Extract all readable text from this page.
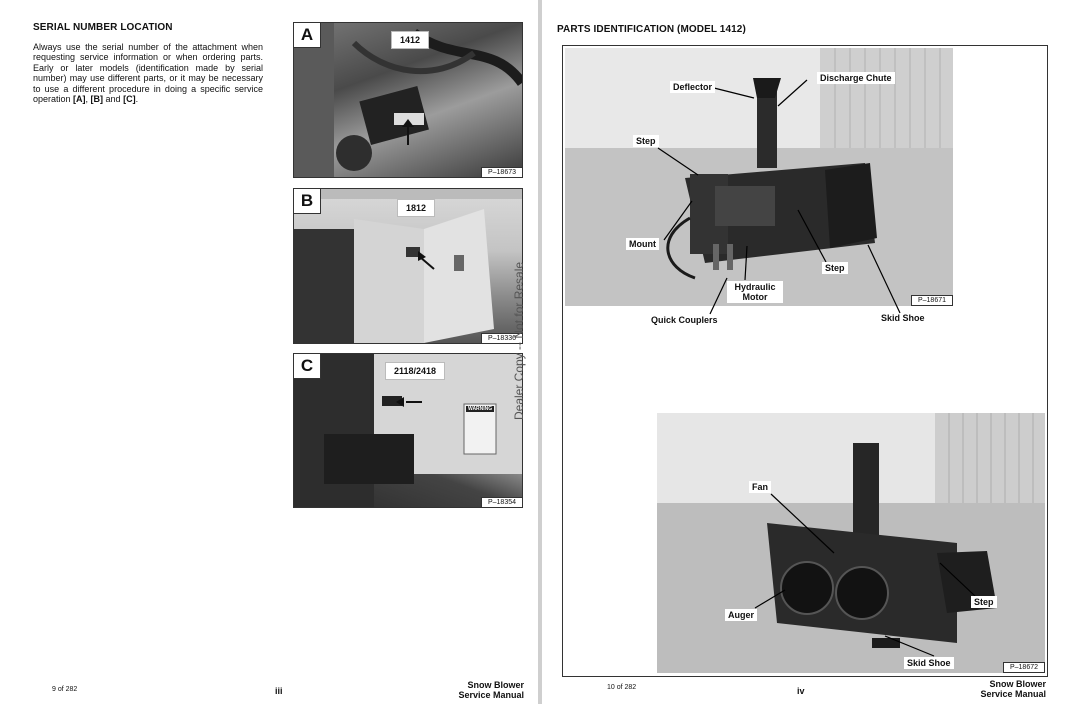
SERIAL NUMBER LOCATION
Always use the serial number of the attachment when requesting service information or when ordering parts. Early or later models (identification made by serial number) may use different parts, or it may be necessary to use a different procedure in doing a specific service operation [A], [B] and [C].
A	1412
P–18673
B	1812
P–18336
WARNING
C	2118/2418
P–18354
Dealer Copy -- Not for Resale
9 of 282	iii
Snow Blower
Service Manual
PARTS IDENTIFICATION (MODEL 1412)
P–18671
P–18672
Deflector
Discharge Chute
Step
Mount
Step
Hydraulic Motor
Quick Couplers	Skid Shoe
Fan
Auger
Step
Skid Shoe
10 of 282	iv
Snow Blower
Service Manual
